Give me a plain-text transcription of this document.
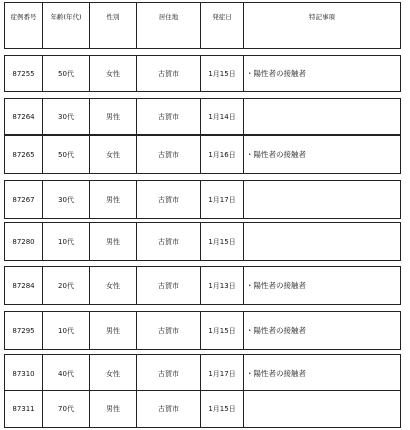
症例番号	年齢(年代)	性別	居住地	発症日	特記事項
87255	50代	女性	古賀市	1月15日	・陽性者の接触者
87264	30代	男性	古賀市	1月14日
87265	50代	女性	古賀市	1月16日	・陽性者の接触者
87267	30代	男性	古賀市	1月17日
87280	10代	男性	古賀市	1月15日
87284	20代	女性	古賀市	1月13日	・陽性者の接触者
87295	10代	男性	古賀市	1月15日	・陽性者の接触者
87310	40代	女性	古賀市	1月17日	・陽性者の接触者
87311	70代	男性	古賀市	1月15日
